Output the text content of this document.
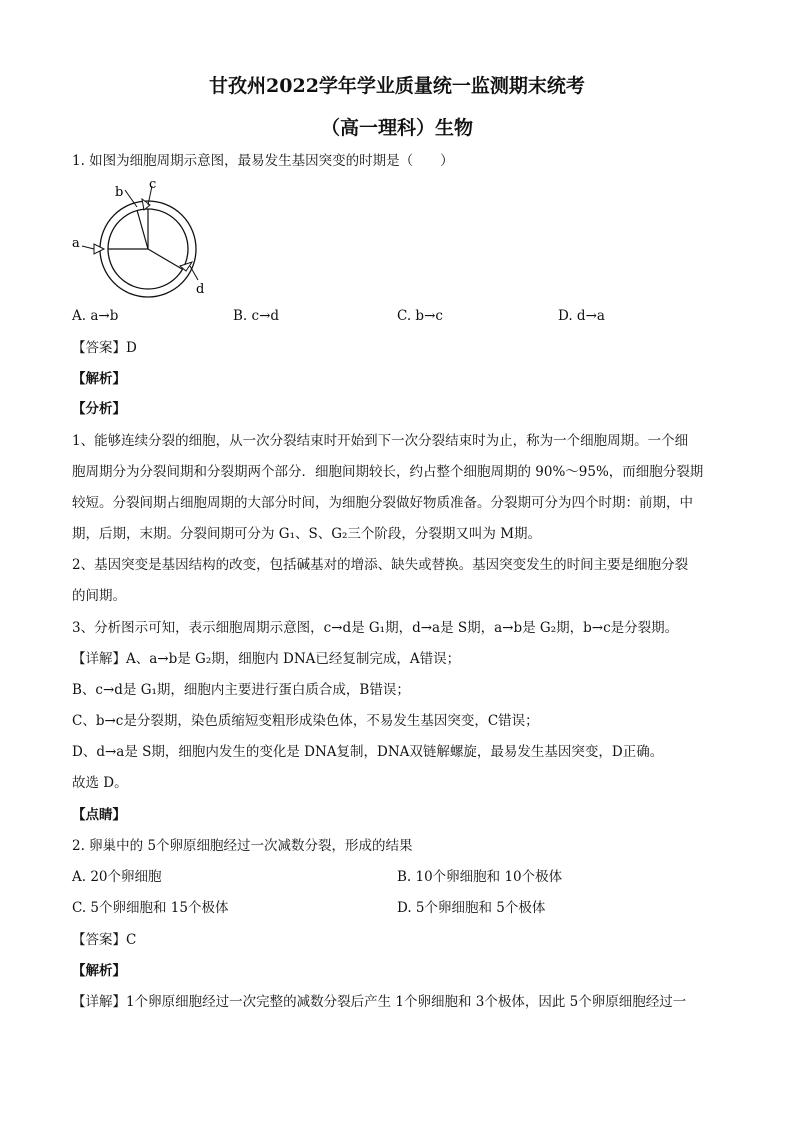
甘孜州2022学年学业质量统一监测期末统考
（高一理科）生物
1. 如图为细胞周期示意图，最易发生基因突变的时期是（　　）
a
b
c
d
A. a→b	B. c→d	C. b→c	D. d→a
【答案】D
【解析】
【分析】
1、能够连续分裂的细胞，从一次分裂结束时开始到下一次分裂结束时为止，称为一个细胞周期。一个细
胞周期分为分裂间期和分裂期两个部分．细胞间期较长，约占整个细胞周期的 90%～95%，而细胞分裂期
较短。分裂间期占细胞周期的大部分时间，为细胞分裂做好物质准备。分裂期可分为四个时期：前期，中
期，后期，末期。分裂间期可分为 G₁、S、G₂三个阶段，分裂期又叫为 M期。
2、基因突变是基因结构的改变，包括碱基对的增添、缺失或替换。基因突变发生的时间主要是细胞分裂
的间期。
3、分析图示可知，表示细胞周期示意图，c→d是 G₁期，d→a是 S期，a→b是 G₂期，b→c是分裂期。
【详解】A、a→b是 G₂期，细胞内 DNA已经复制完成，A错误；
B、c→d是 G₁期，细胞内主要进行蛋白质合成，B错误；
C、b→c是分裂期，染色质缩短变粗形成染色体，不易发生基因突变，C错误；
D、d→a是 S期，细胞内发生的变化是 DNA复制，DNA双链解螺旋，最易发生基因突变，D正确。
故选 D。
【点睛】
2. 卵巢中的 5个卵原细胞经过一次减数分裂，形成的结果
A. 20个卵细胞	B. 10个卵细胞和 10个极体
C. 5个卵细胞和 15个极体	D. 5个卵细胞和 5个极体
【答案】C
【解析】
【详解】1个卵原细胞经过一次完整的减数分裂后产生 1个卵细胞和 3个极体，因此 5个卵原细胞经过一
